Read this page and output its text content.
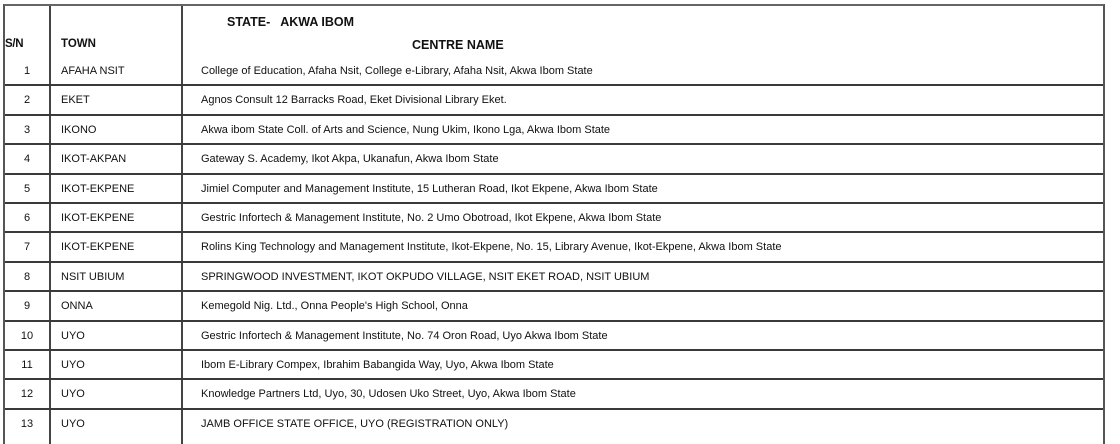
S/N	TOWN
STATE-   AKWA IBOM
CENTRE NAME
1	AFAHA NSIT	College of Education, Afaha Nsit, College e-Library, Afaha Nsit, Akwa Ibom State
2	EKET	Agnos Consult 12 Barracks Road, Eket Divisional Library Eket.
3	IKONO	Akwa ibom State Coll. of Arts and Science, Nung Ukim, Ikono Lga, Akwa Ibom State
4	IKOT-AKPAN	Gateway S. Academy, Ikot Akpa, Ukanafun, Akwa Ibom State
5	IKOT-EKPENE	Jimiel Computer and Management Institute, 15 Lutheran Road, Ikot Ekpene, Akwa Ibom State
6	IKOT-EKPENE	Gestric Infortech & Management Institute, No. 2 Umo Obotroad, Ikot Ekpene, Akwa Ibom State
7	IKOT-EKPENE	Rolins King Technology and Management Institute, Ikot-Ekpene, No. 15, Library Avenue, Ikot-Ekpene, Akwa Ibom State
8	NSIT UBIUM	SPRINGWOOD INVESTMENT, IKOT OKPUDO VILLAGE, NSIT EKET ROAD, NSIT UBIUM
9	ONNA	Kemegold Nig. Ltd., Onna People's High School, Onna
10	UYO	Gestric Infortech & Management Institute, No. 74 Oron Road, Uyo Akwa Ibom State
11	UYO	Ibom E-Library Compex, Ibrahim Babangida Way, Uyo, Akwa Ibom State
12	UYO	Knowledge Partners Ltd, Uyo, 30, Udosen Uko Street, Uyo, Akwa Ibom State
13	UYO	JAMB OFFICE STATE OFFICE, UYO (REGISTRATION ONLY)
